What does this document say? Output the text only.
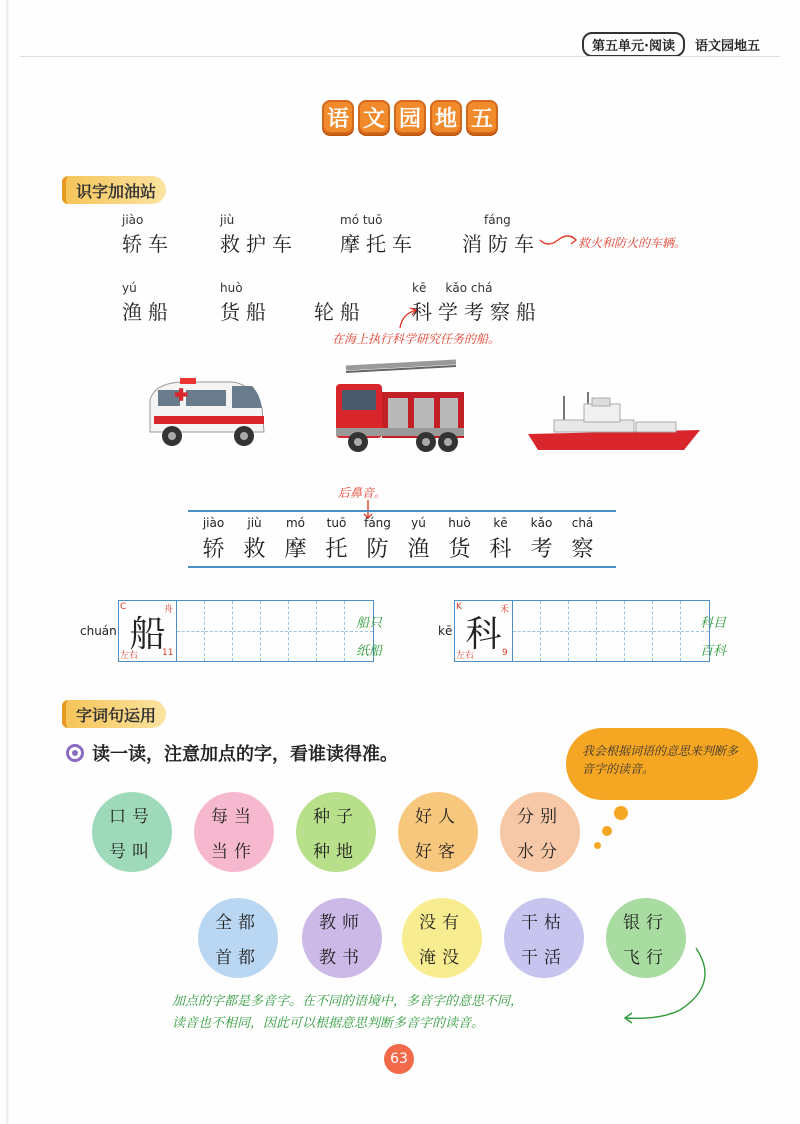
第五单元·阅读	语文园地五
语 文 园 地 五
识字加油站
jiào
轿车
jiù
救护车
mó tuō
摩托车
fáng
消防车	救火和防火的车辆。
yú
渔船
huò
货船 轮船
kē     kǎo chá
科学考察船
在海上执行科学研究任务的船。
后鼻音。
jiào
轿
jiù
救
mó
摩
tuō
托
fáng
防
yú
渔
huò
货
kē
科
kǎo
考
chá
察
chuán 船
C	舟
左右	11
船只
纸船
kē 科
K	禾
左右	9
科目
百科
字词句运用
读一读，注意加点的字，看谁读得准。	我会根据词语的意思来判断多音字的读音。
口号
号叫
每当
当作
种子
种地
好人
好客
分别
水分
全都
首都
教师
教书
没有
淹没
干枯
干活
银行
飞行
加点的字都是多音字。在不同的语境中，多音字的意思不同，
读音也不相同，因此可以根据意思判断多音字的读音。
63
